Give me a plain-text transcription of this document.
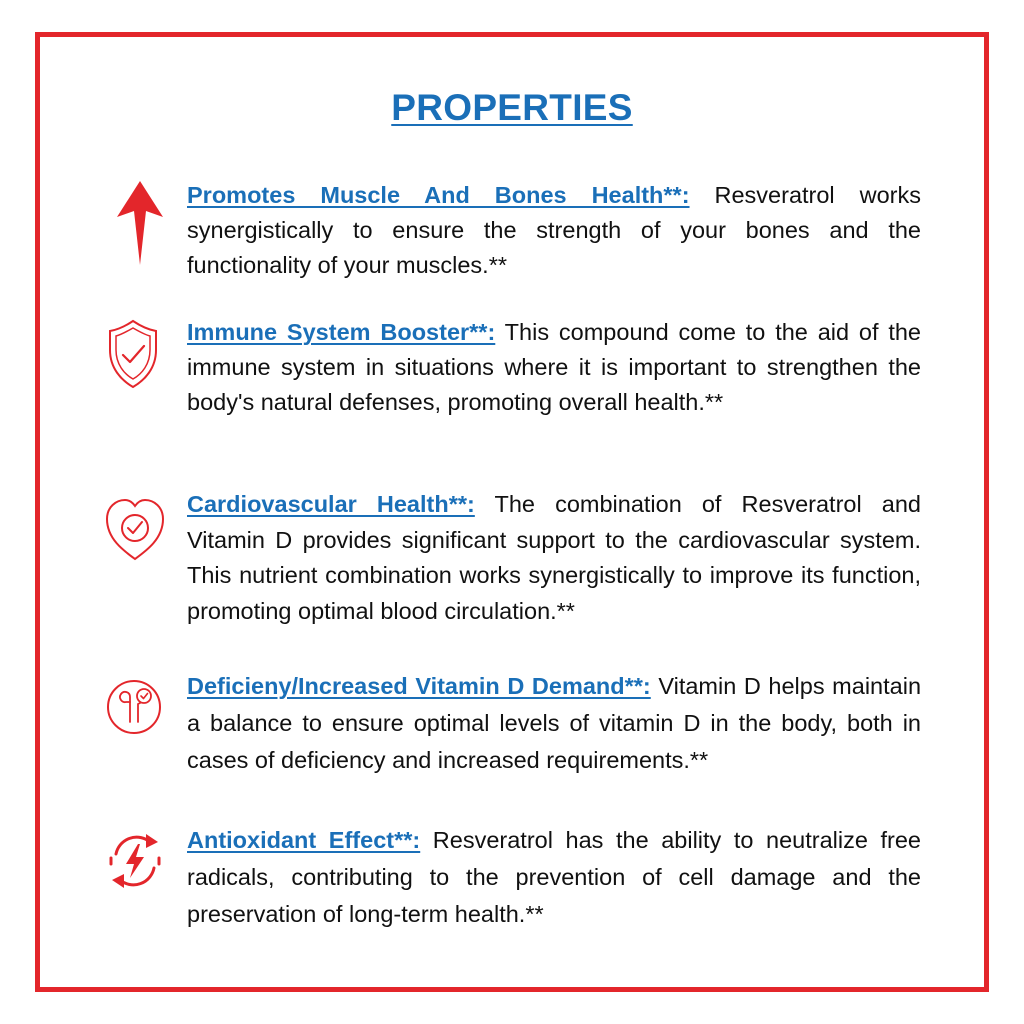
PROPERTIES
Promotes Muscle And Bones Health**: Resveratrol works synergistically to ensure the strength of your bones and the functionality of your muscles.**
Immune System Booster**: This compound come to the aid of the immune system in situations where it is important to strengthen the body's natural defenses, promoting overall health.**
Cardiovascular Health**: The combination of Resveratrol and Vitamin D provides significant support to the cardiovascular system. This nutrient combination works synergistically to improve its function, promoting optimal blood circulation.**
Deficieny/Increased Vitamin D Demand**: Vitamin D helps maintain a balance to ensure optimal levels of vitamin D in the body, both in cases of deficiency and increased requirements.**
Antioxidant Effect**: Resveratrol has the ability to neutralize free radicals, contributing to the prevention of cell damage and the preservation of long-term health.**
